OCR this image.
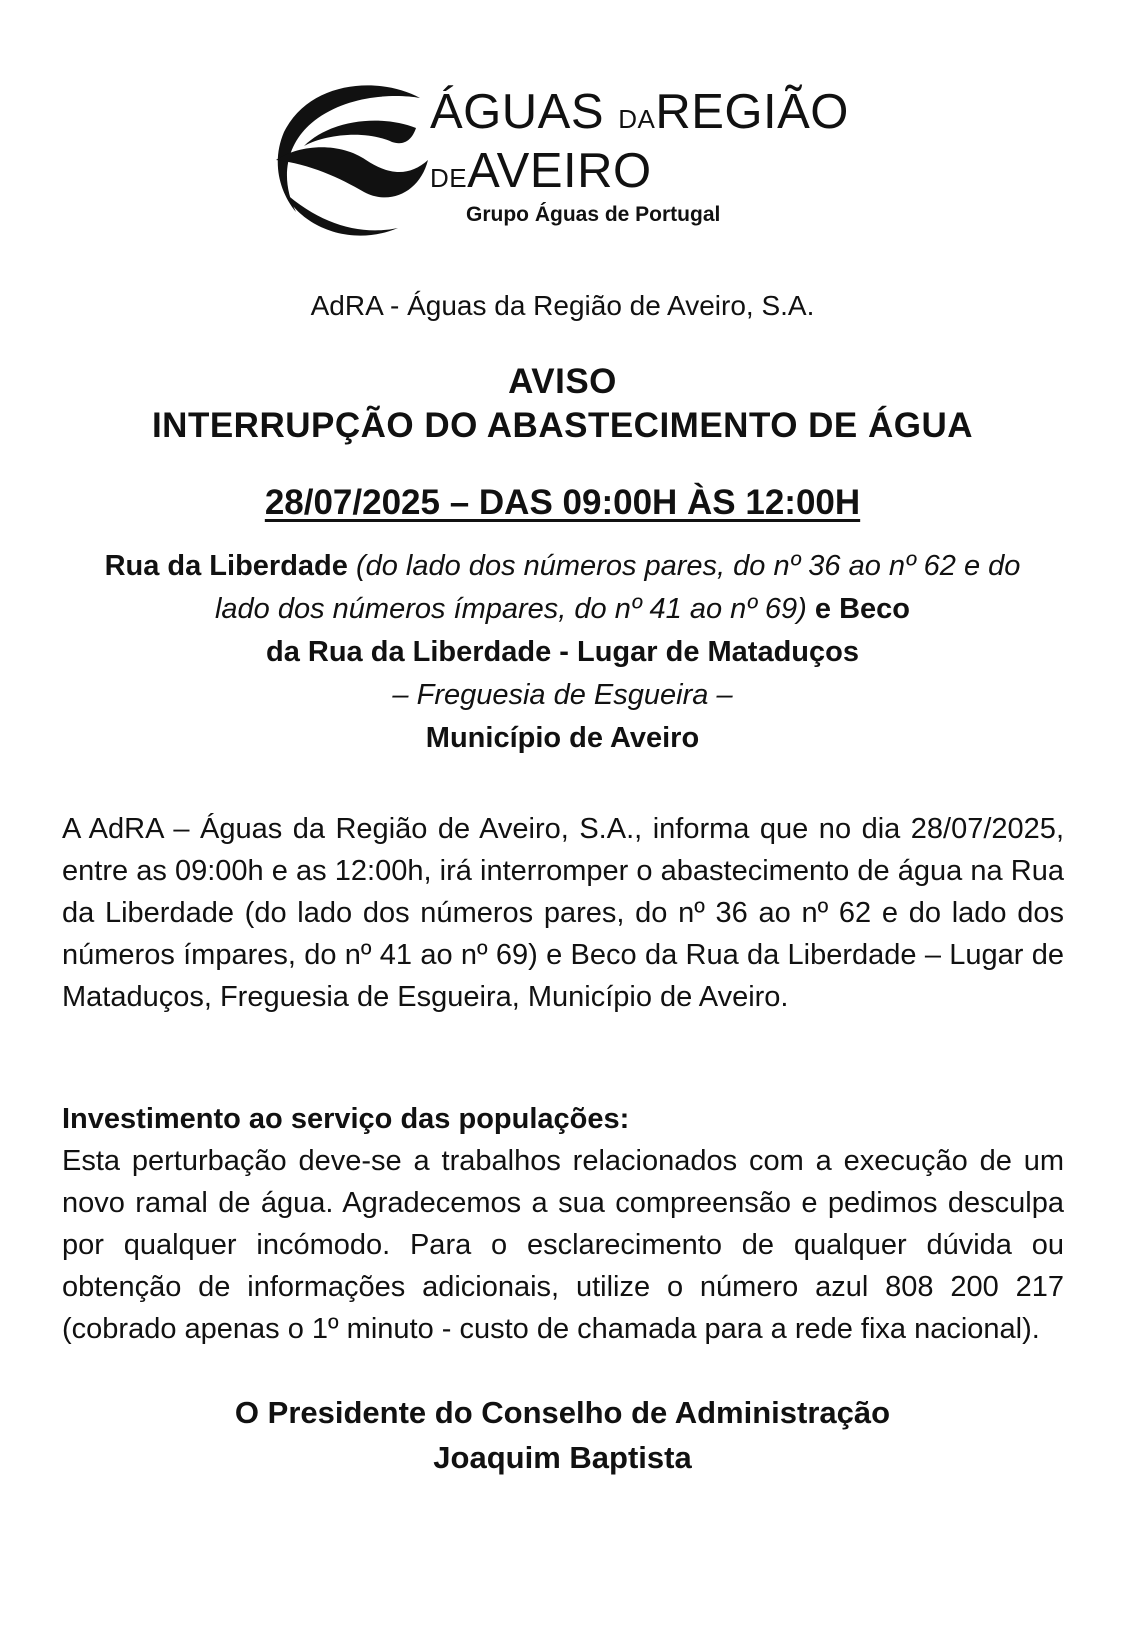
ÁGUAS DAREGIÃO
DEAVEIRO
Grupo Águas de Portugal
AdRA - Águas da Região de Aveiro, S.A.
AVISO
INTERRUPÇÃO DO ABASTECIMENTO DE ÁGUA
28/07/2025 – DAS 09:00H ÀS 12:00H
Rua da Liberdade (do lado dos números pares, do nº 36 ao nº 62 e do
lado dos números ímpares, do nº 41 ao nº 69) e Beco
da Rua da Liberdade - Lugar de Mataduços
– Freguesia de Esgueira –
Município de Aveiro
A AdRA – Águas da Região de Aveiro, S.A., informa que no dia 28/07/2025, entre as 09:00h e as 12:00h, irá interromper o abastecimento de água na Rua da Liberdade (do lado dos números pares, do nº 36 ao nº 62 e do lado dos números ímpares, do nº 41 ao nº 69) e Beco da Rua da Liberdade – Lugar de Mataduços, Freguesia de Esgueira, Município de Aveiro.
Investimento ao serviço das populações:
Esta perturbação deve-se a trabalhos relacionados com a execução de um novo ramal de água. Agradecemos a sua compreensão e pedimos desculpa por qualquer incómodo. Para o esclarecimento de qualquer dúvida ou obtenção de informações adicionais, utilize o número azul 808 200 217 (cobrado apenas o 1º minuto - custo de chamada para a rede fixa nacional).
O Presidente do Conselho de Administração
Joaquim Baptista
